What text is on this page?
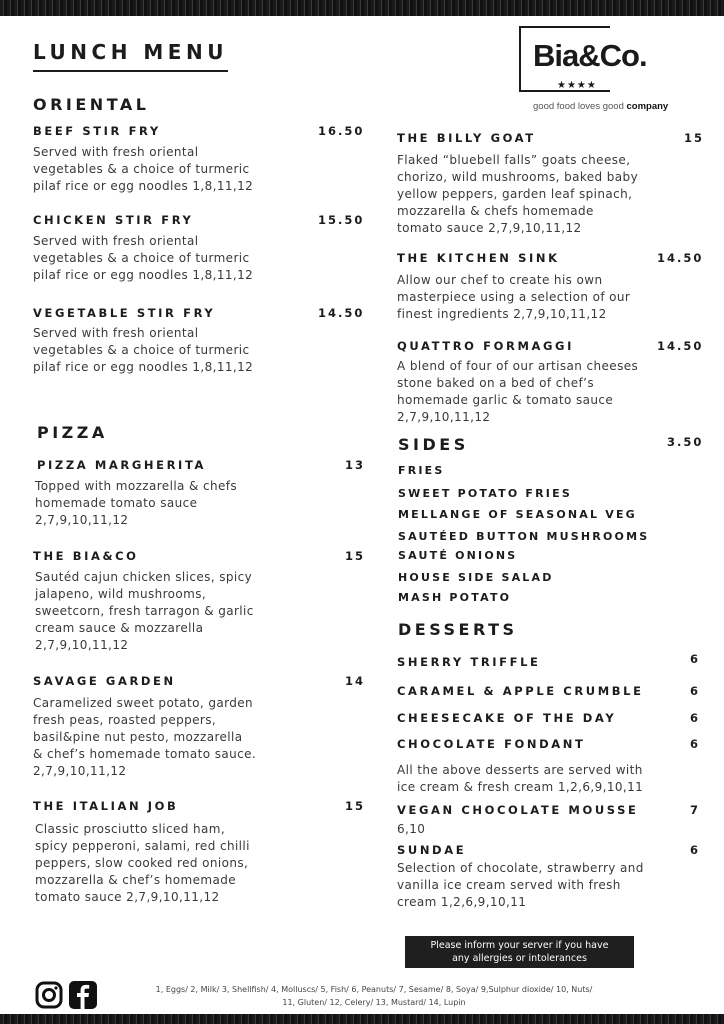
LUNCH MENU	Bia&Co.
★★★★
good food loves good company
ORIENTAL
BEEF STIR FRY	16.50
Served with fresh oriental
vegetables & a choice of turmeric
pilaf rice or egg noodles 1,8,11,12
CHICKEN STIR FRY	15.50
Served with fresh oriental
vegetables & a choice of turmeric
pilaf rice or egg noodles 1,8,11,12
VEGETABLE STIR FRY	14.50
Served with fresh oriental
vegetables & a choice of turmeric
pilaf rice or egg noodles 1,8,11,12
PIZZA
PIZZA MARGHERITA	13
Topped with mozzarella & chefs
homemade tomato sauce
2,7,9,10,11,12
THE BIA&CO	15
Sautéd cajun chicken slices, spicy
jalapeno, wild mushrooms,
sweetcorn, fresh tarragon & garlic
cream sauce & mozzarella
2,7,9,10,11,12
SAVAGE GARDEN	14
Caramelized sweet potato, garden
fresh peas, roasted peppers,
basil&pine nut pesto, mozzarella
& chef’s homemade tomato sauce.
2,7,9,10,11,12
THE ITALIAN JOB	15
Classic prosciutto sliced ham,
spicy pepperoni, salami, red chilli
peppers, slow cooked red onions,
mozzarella & chef’s homemade
tomato sauce 2,7,9,10,11,12
THE BILLY GOAT	15
Flaked “bluebell falls” goats cheese,
chorizo, wild mushrooms, baked baby
yellow peppers, garden leaf spinach,
mozzarella & chefs homemade
tomato sauce 2,7,9,10,11,12
THE KITCHEN SINK	14.50
Allow our chef to create his own
masterpiece using a selection of our
finest ingredients 2,7,9,10,11,12
QUATTRO FORMAGGI	14.50
A blend of four of our artisan cheeses
stone baked on a bed of chef’s
homemade garlic & tomato sauce
2,7,9,10,11,12
SIDES	3.50
FRIES
SWEET POTATO FRIES
MELLANGE OF SEASONAL VEG
SAUTÉED BUTTON MUSHROOMS
SAUTÉ ONIONS
HOUSE SIDE SALAD
MASH POTATO
DESSERTS
SHERRY TRIFFLE	6
CARAMEL & APPLE CRUMBLE	6
CHEESECAKE OF THE DAY	6
CHOCOLATE FONDANT	6
All the above desserts are served with
ice cream & fresh cream 1,2,6,9,10,11
VEGAN CHOCOLATE MOUSSE	7
6,10
SUNDAE	6
Selection of chocolate, strawberry and
vanilla ice cream served with fresh
cream 1,2,6,9,10,11
Please inform your server if you have
any allergies or intolerances
1, Eggs/ 2, Milk/ 3, Shellfish/ 4, Molluscs/ 5, Fish/ 6, Peanuts/ 7, Sesame/ 8, Soya/ 9,Sulphur dioxide/ 10, Nuts/
11, Gluten/ 12, Celery/ 13, Mustard/ 14, Lupin
